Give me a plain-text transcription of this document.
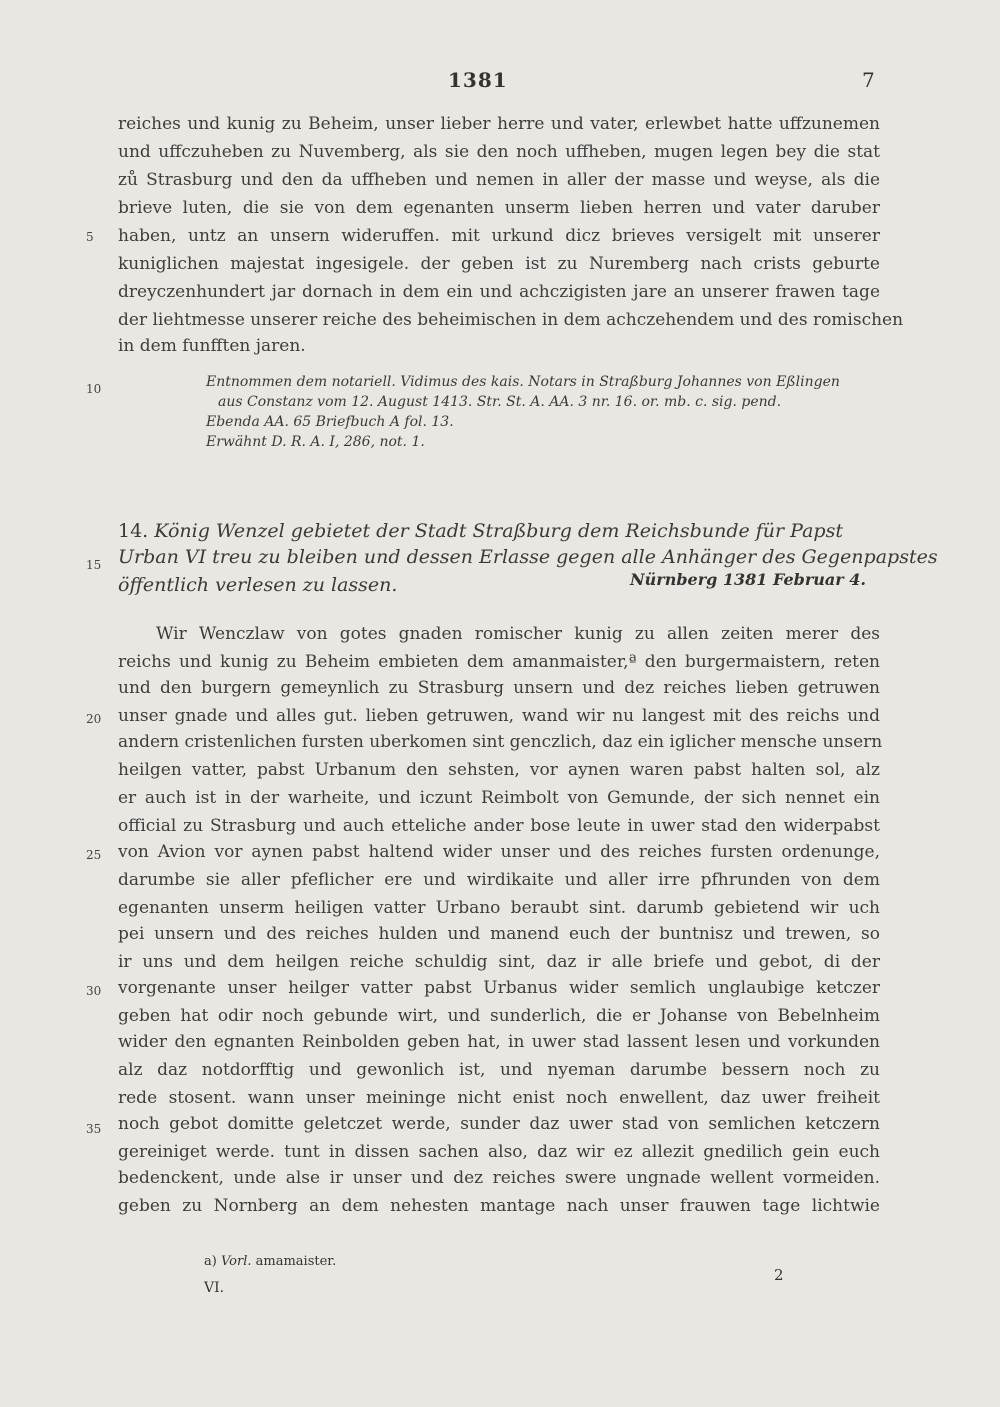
1381	7
reiches und kunig zu Beheim, unser lieber herre und vater, erlewbet hatte uffzunemen
und uffczuheben zu Nuvemberg, als sie den noch uffheben, mugen legen bey die stat
zů Strasburg und den da uffheben und nemen in aller der masse und weyse, als die
brieve luten, die sie von dem egenanten unserm lieben herren und vater daruber
5 haben, untz an unsern wideruffen. mit urkund dicz brieves versigelt mit unserer
kuniglichen majestat ingesigele. der geben ist zu Nuremberg nach crists geburte
dreyczenhundert jar dornach in dem ein und achczigisten jare an unserer frawen tage
der liehtmesse unserer reiche des beheimischen in dem achczehendem und des romischen
in dem funfften jaren.
10	Entnommen dem notariell. Vidimus des kais. Notars in Straßburg Johannes von Eßlingen
aus Constanz vom 12. August 1413. Str. St. A. AA. 3 nr. 16. or. mb. c. sig. pend.
Ebenda AA. 65 Briefbuch A fol. 13.
Erwähnt D. R. A. I, 286, not. 1.
14. König Wenzel gebietet der Stadt Straßburg dem Reichsbunde für Papst
15 Urban VI treu zu bleiben und dessen Erlasse gegen alle Anhänger des Gegenpapstes
öffentlich verlesen zu lassen.	Nürnberg 1381 Februar 4.
Wir Wenczlaw von gotes gnaden romischer kunig zu allen zeiten merer des
reichs und kunig zu Beheim embieten dem amanmaister,ª den burgermaistern, reten
und den burgern gemeynlich zu Strasburg unsern und dez reiches lieben getruwen
20 unser gnade und alles gut. lieben getruwen, wand wir nu langest mit des reichs und
andern cristenlichen fursten uberkomen sint genczlich, daz ein iglicher mensche unsern
heilgen vatter, pabst Urbanum den sehsten, vor aynen waren pabst halten sol, alz
er auch ist in der warheite, und iczunt Reimbolt von Gemunde, der sich nennet ein
official zu Strasburg und auch etteliche ander bose leute in uwer stad den widerpabst
25 von Avion vor aynen pabst haltend wider unser und des reiches fursten ordenunge,
darumbe sie aller pfeflicher ere und wirdikaite und aller irre pfhrunden von dem
egenanten unserm heiligen vatter Urbano beraubt sint. darumb gebietend wir uch
pei unsern und des reiches hulden und manend euch der buntnisz und trewen, so
ir uns und dem heilgen reiche schuldig sint, daz ir alle briefe und gebot, di der
30 vorgenante unser heilger vatter pabst Urbanus wider semlich unglaubige ketczer
geben hat odir noch gebunde wirt, und sunderlich, die er Johanse von Bebelnheim
wider den egnanten Reinbolden geben hat, in uwer stad lassent lesen und vorkunden
alz daz notdorfftig und gewonlich ist, und nyeman darumbe bessern noch zu
rede stosent. wann unser meininge nicht enist noch enwellent, daz uwer freiheit
35 noch gebot domitte geletczet werde, sunder daz uwer stad von semlichen ketczern
gereiniget werde. tunt in dissen sachen also, daz wir ez allezit gnedilich gein euch
bedenckent, unde alse ir unser und dez reiches swere ungnade wellent vormeiden.
geben zu Nornberg an dem nehesten mantage nach unser frauwen tage lichtwie
a) Vorl. amamaister.
VI.
2
